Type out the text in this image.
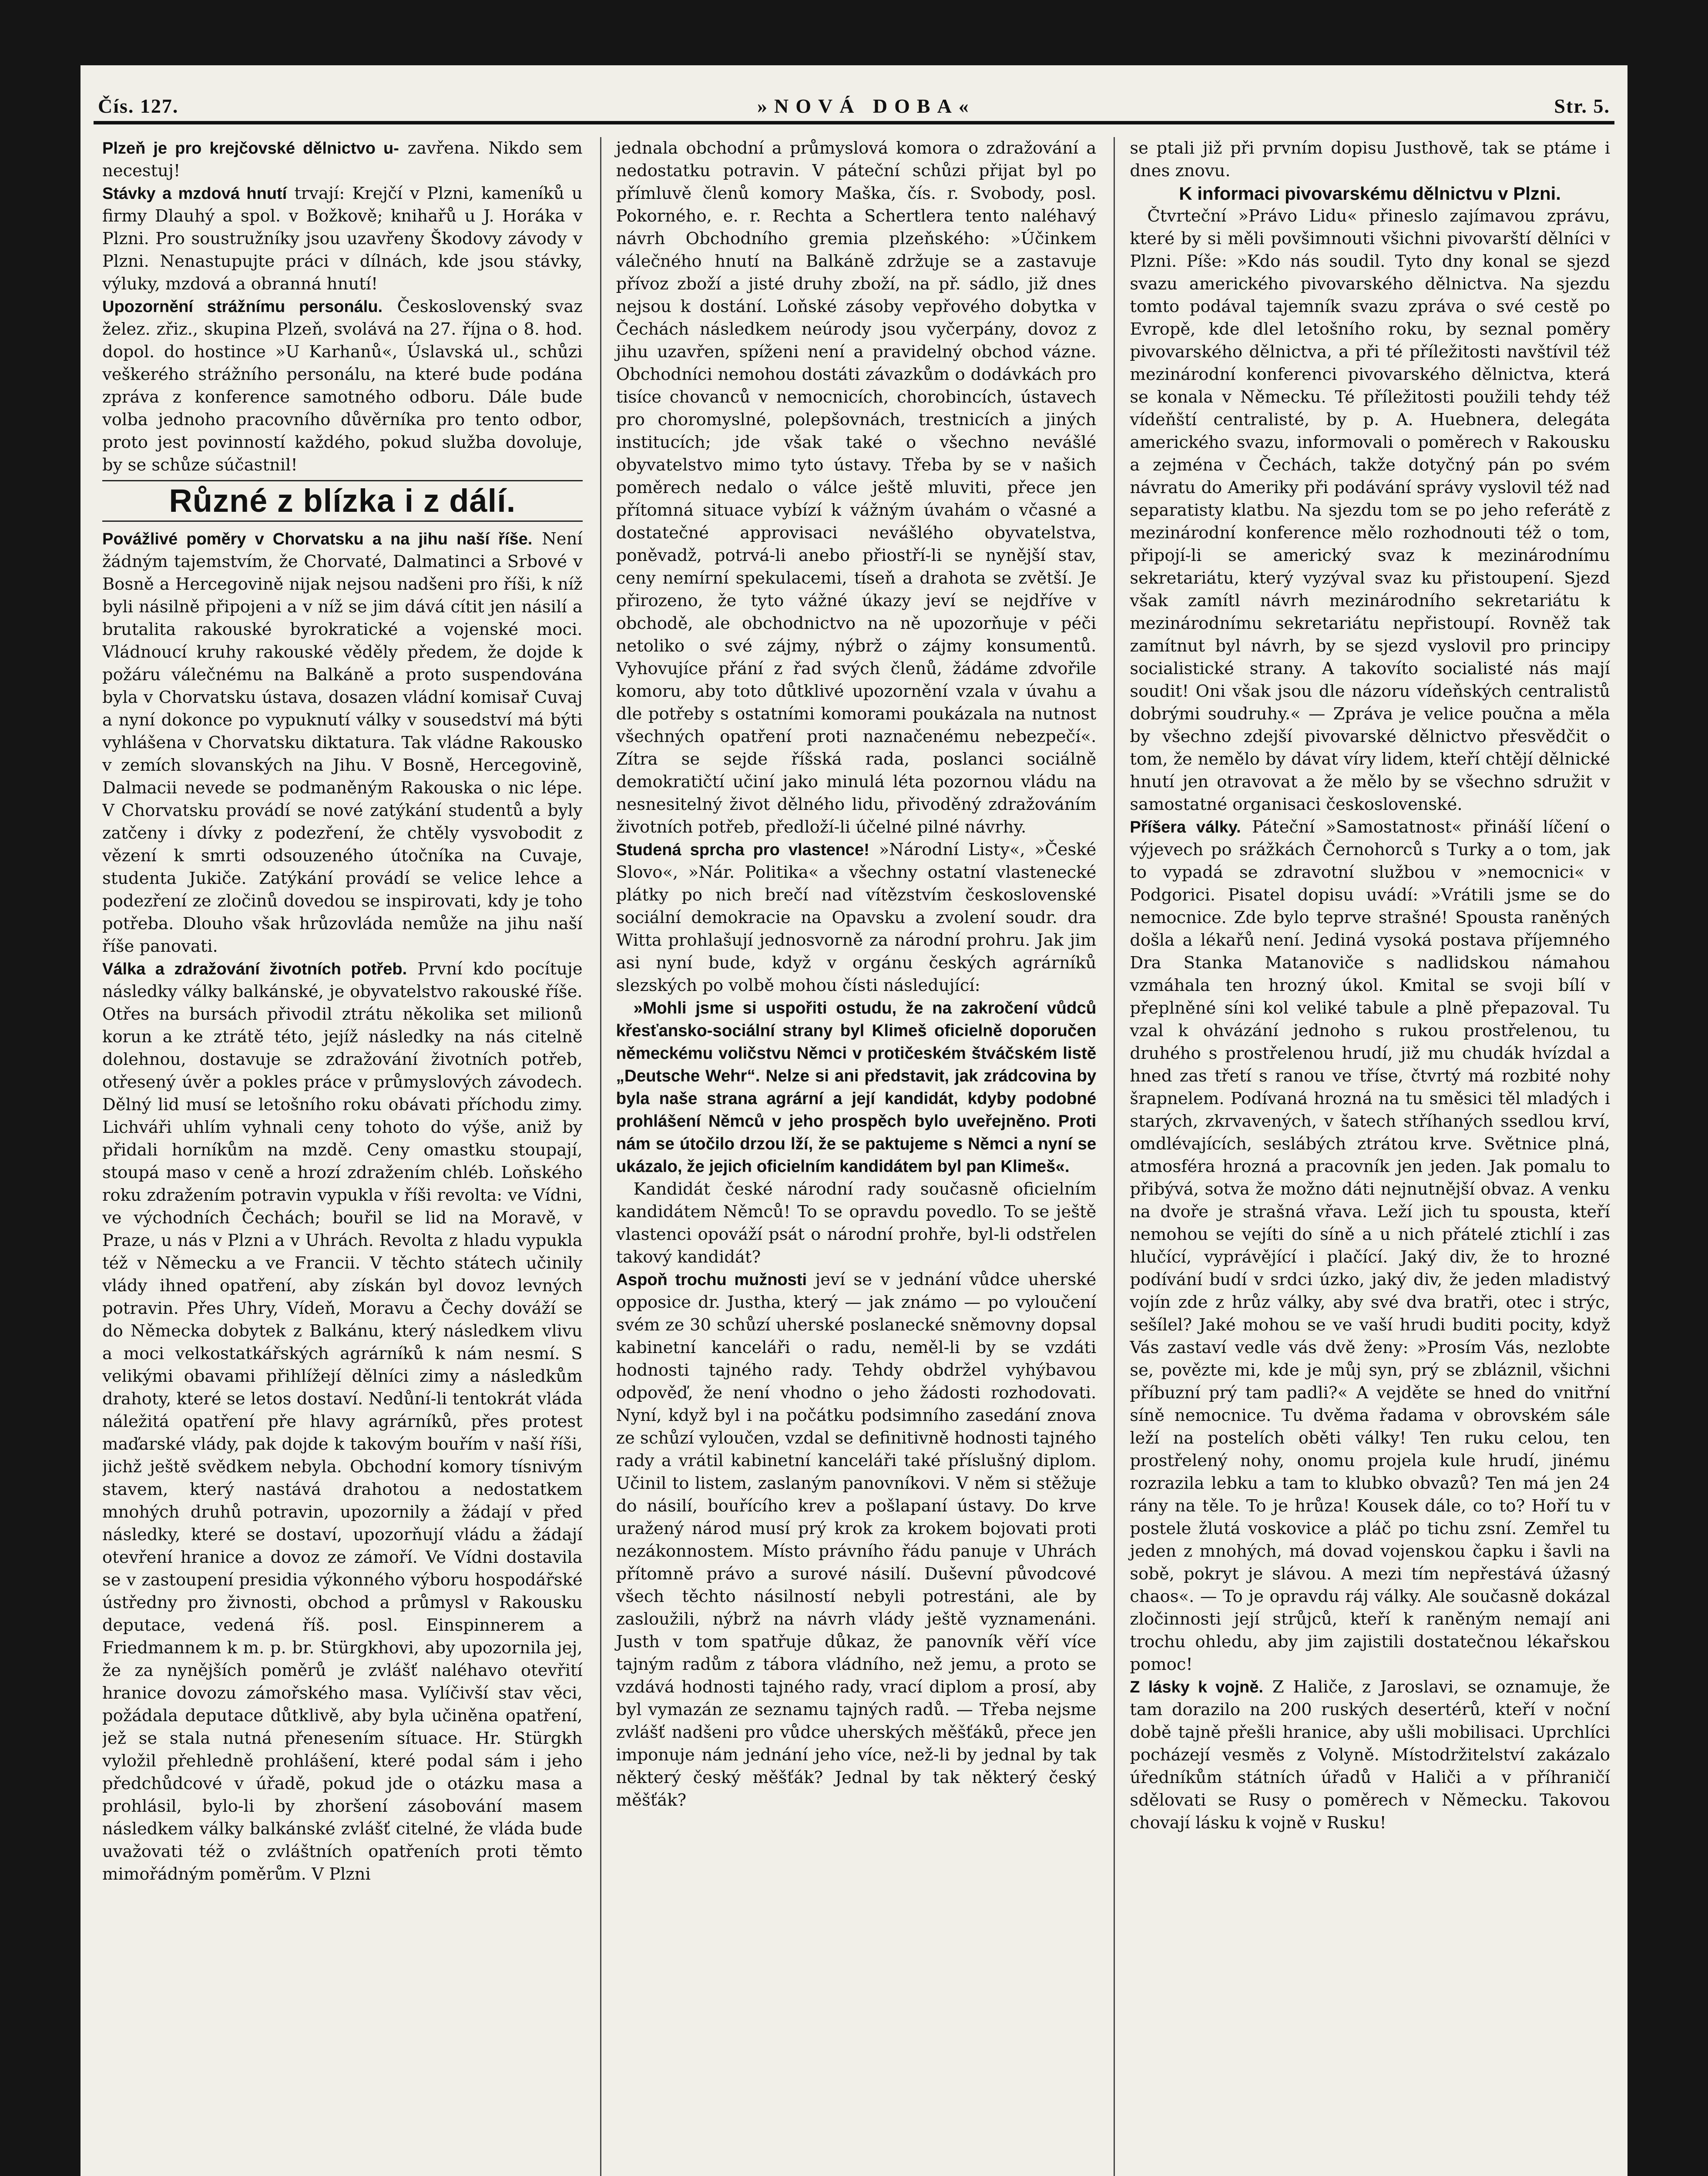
Čís. 127.	»NOVÁ DOBA«	Str. 5.

Plzeň je pro krejčovské dělnictvo u- zavřena. Nikdo sem necestuj!

Stávky a mzdová hnutí trvají: Krejčí v Plzni, kameníků u firmy Dlauhý a spol. v Božkově; knihařů u J. Horáka v Plzni. Pro soustružníky jsou uzavřeny Škodovy závody v Plzni. Nenastupujte práci v dílnách, kde jsou stávky, výluky, mzdová a obranná hnutí!

Upozornění strážnímu personálu. Československý svaz želez. zřiz., skupina Plzeň, svolává na 27. října o 8. hod. dopol. do hostince »U Karhanů«, Úslavská ul., schůzi veškerého strážního personálu, na které bude podána zpráva z konference samotného odboru. Dále bude volba jednoho pracovního důvěrníka pro tento odbor, proto jest povinností každého, pokud služba dovoluje, by se schůze súčastnil!

Různé z blízka i z dálí.

Povážlivé poměry v Chorvatsku a na jihu naší říše. Není žádným tajemstvím, že Chorvaté, Dalmatinci a Srbové v Bosně a Hercegovině nijak nejsou nadšeni pro říši, k níž byli násilně připojeni a v níž se jim dává cítit jen násilí a brutalita rakouské byrokratické a vojenské moci. Vládnoucí kruhy rakouské věděly předem, že dojde k požáru válečnému na Balkáně a proto suspendována byla v Chorvatsku ústava, dosazen vládní komisař Cuvaj a nyní dokonce po vypuknutí války v sousedství má býti vyhlášena v Chorvatsku diktatura. Tak vládne Rakousko v zemích slovanských na Jihu. V Bosně, Hercegovině, Dalmacii nevede se podmaněným Rakouska o nic lépe. V Chorvatsku provádí se nové zatýkání studentů a byly zatčeny i dívky z podezření, že chtěly vysvobodit z vězení k smrti odsouzeného útočníka na Cuvaje, studenta Jukiče. Zatýkání provádí se velice lehce a podezření ze zločinů dovedou se inspirovati, kdy je toho potřeba. Dlouho však hrůzovláda nemůže na jihu naší říše panovati.

Válka a zdražování životních potřeb. První kdo pocítuje následky války balkánské, je obyvatelstvo rakouské říše. Otřes na bursách přivodil ztrátu několika set milionů korun a ke ztrátě této, jejíž následky na nás citelně dolehnou, dostavuje se zdražování životních potřeb, otřesený úvěr a pokles práce v průmyslových závodech. Dělný lid musí se letošního roku obávati příchodu zimy. Lichváři uhlím vyhnali ceny tohoto do výše, aniž by přidali horníkům na mzdě. Ceny omastku stoupají, stoupá maso v ceně a hrozí zdražením chléb. Loňského roku zdražením potravin vypukla v říši revolta: ve Vídni, ve východních Čechách; bouřil se lid na Moravě, v Praze, u nás v Plzni a v Uhrách. Revolta z hladu vypukla též v Německu a ve Francii. V těchto státech učinily vlády ihned opatření, aby získán byl dovoz levných potravin. Přes Uhry, Vídeň, Moravu a Čechy dováží se do Německa dobytek z Balkánu, který následkem vlivu a moci velkostatkářských agrárníků k nám nesmí. S velikými obavami přihlížejí dělníci zimy a následkům drahoty, které se letos dostaví. Nedůní-li tentokrát vláda náležitá opatření pře hlavy agrárníků, přes protest maďarské vlády, pak dojde k takovým bouřím v naší říši, jichž ještě svědkem nebyla. Obchodní komory tísnivým stavem, který nastává drahotou a nedostatkem mnohých druhů potravin, upozornily a žádají v před následky, které se dostaví, upozorňují vládu a žádají otevření hranice a dovoz ze zámoří. Ve Vídni dostavila se v zastoupení presidia výkonného výboru hospodářské ústředny pro živnosti, obchod a průmysl v Rakousku deputace, vedená říš. posl. Einspinnerem a Friedmannem k m. p. br. Stürgkhovi, aby upozornila jej, že za nynějších poměrů je zvlášť naléhavo otevřití hranice dovozu zámořského masa. Vylíčivší stav věci, požádala deputace důtklivě, aby byla učiněna opatření, jež se stala nutná přenesením sítuace. Hr. Stürgkh vyložil přehledně prohlášení, které podal sám i jeho předchůdcové v úřadě, pokud jde o otázku masa a prohlásil, bylo-li by zhoršení zásobování masem následkem války balkánské zvlášť citelné, že vláda bude uvažovati též o zvláštních opatřeních proti těmto mimořádným poměrům. V Plzni

jednala obchodní a průmyslová komora o zdražování a nedostatku potravin. V páteční schůzi přijat byl po přímluvě členů komory Maška, čís. r. Svobody, posl. Pokorného, e. r. Rechta a Schertlera tento naléhavý návrh Obchodního gremia plzeňského: »Účinkem válečného hnutí na Balkáně zdržuje se a zastavuje přívoz zboží a jisté druhy zboží, na př. sádlo, již dnes nejsou k dostání. Loňské zásoby vepřového dobytka v Čechách následkem neúrody jsou vyčerpány, dovoz z jihu uzavřen, spíženi není a pravidelný obchod vázne. Obchodníci nemohou dostáti závazkům o dodávkách pro tisíce chovanců v nemocnicích, chorobincích, ústavech pro choromyslné, polepšovnách, trestnicích a jiných institucích; jde však také o všechno nevášlé obyvatelstvo mimo tyto ústavy. Třeba by se v našich poměrech nedalo o válce ještě mluviti, přece jen přítomná situace vybízí k vážným úvahám o včasné a dostatečné approvisaci nevášlého obyvatelstva, poněvadž, potrvá-li anebo přiostří-li se nynější stav, ceny nemírní spekulacemi, tíseň a drahota se zvětší. Je přirozeno, že tyto vážné úkazy jeví se nejdříve v obchodě, ale obchodnictvo na ně upozorňuje v péči netoliko o své zájmy, nýbrž o zájmy konsumentů. Vyhovujíce přání z řad svých členů, žádáme zdvořile komoru, aby toto důtklivé upozornění vzala v úvahu a dle potřeby s ostatními komorami poukázala na nutnost všechných opatření proti naznačenému nebezpečí«. Zítra se sejde říšská rada, poslanci sociálně demokratičtí učiní jako minulá léta pozornou vládu na nesnesitelný život dělného lidu, přivoděný zdražováním životních potřeb, předloží-li účelné pilné návrhy.

Studená sprcha pro vlastence! »Národní Listy«, »České Slovo«, »Nár. Politika« a všechny ostatní vlastenecké plátky po nich brečí nad vítězstvím československé sociální demokracie na Opavsku a zvolení soudr. dra Witta prohlašují jednosvorně za národní prohru. Jak jim asi nyní bude, když v orgánu českých agrárníků slezských po volbě mohou čísti následující:

»Mohli jsme si uspořiti ostudu, že na zakročení vůdců křesťansko-sociální strany byl Klimeš oficielně doporučen německému voličstvu Němci v protičeském štváčském listě „Deutsche Wehr“. Nelze si ani představit, jak zrádcovina by byla naše strana agrární a její kandidát, kdyby podobné prohlášení Němců v jeho prospěch bylo uveřejněno. Proti nám se útočilo drzou lží, že se paktujeme s Němci a nyní se ukázalo, že jejich oficielním kandidátem byl pan Klimeš«.

Kandidát české národní rady současně oficielním kandidátem Němců! To se opravdu povedlo. To se ještě vlastenci opováží psát o národní prohře, byl-li odstřelen takový kandidát?

Aspoň trochu mužnosti jeví se v jednání vůdce uherské opposice dr. Justha, který — jak známo — po vyloučení svém ze 30 schůzí uherské poslanecké sněmovny dopsal kabinetní kanceláři o radu, neměl-li by se vzdáti hodnosti tajného rady. Tehdy obdržel vyhýbavou odpověď, že není vhodno o jeho žádosti rozhodovati. Nyní, když byl i na počátku podsimního zasedání znova ze schůzí vyloučen, vzdal se definitivně hodnosti tajného rady a vrátil kabinetní kanceláři také příslušný diplom. Učinil to listem, zaslaným panovníkovi. V něm si stěžuje do násilí, bouřícího krev a pošlapaní ústavy. Do krve uražený národ musí prý krok za krokem bojovati proti nezákonnostem. Místo právního řádu panuje v Uhrách přítomně právo a surové násilí. Duševní původcové všech těchto násilností nebyli potrestáni, ale by zasloužili, nýbrž na návrh vlády ještě vyznamenáni. Justh v tom spatřuje důkaz, že panovník věří více tajným radům z tábora vládního, než jemu, a proto se vzdává hodnosti tajného rady, vrací diplom a prosí, aby byl vymazán ze seznamu tajných radů. — Třeba nejsme zvlášť nadšeni pro vůdce uherských měšťáků, přece jen imponuje nám jednání jeho více, než-li by jednal by tak některý český měšťák? Jednal by tak některý český měšťák?

se ptali již při prvním dopisu Justhově, tak se ptáme i dnes znovu.

K informaci pivovarskému dělnictvu v Plzni.

Čtvrteční »Právo Lidu« přineslo zajímavou zprávu, které by si měli povšimnouti všichni pivovarští dělníci v Plzni. Píše: »Kdo nás soudil. Tyto dny konal se sjezd svazu amerického pivovarského dělnictva. Na sjezdu tomto podával tajemník svazu zpráva o své cestě po Evropě, kde dlel letošního roku, by seznal poměry pivovarského dělnictva, a při té příležitosti navštívil též mezinárodní konferenci pivovarského dělnictva, která se konala v Německu. Té příležitosti použili tehdy též vídeňští centralisté, by p. A. Huebnera, delegáta amerického svazu, informovali o poměrech v Rakousku a zejména v Čechách, takže dotyčný pán po svém návratu do Ameriky při podávání správy vyslovil též nad separatisty klatbu. Na sjezdu tom se po jeho referátě z mezinárodní konference mělo rozhodnouti též o tom, připojí-li se americký svaz k mezinárodnímu sekretariátu, který vyzýval svaz ku přistoupení. Sjezd však zamítl návrh mezinárodního sekretariátu k mezinárodnímu sekretariátu nepřistoupí. Rovněž tak zamítnut byl návrh, by se sjezd vyslovil pro principy socialistické strany. A takovíto socialisté nás mají soudit! Oni však jsou dle názoru vídeňských centralistů dobrými soudruhy.« — Zpráva je velice poučna a měla by všechno zdejší pivovarské dělnictvo přesvědčit o tom, že nemělo by dávat víry lidem, kteří chtějí dělnické hnutí jen otravovat a že mělo by se všechno sdružit v samostatné organisaci československé.

Příšera války. Páteční »Samostatnost« přináší líčení o výjevech po srážkách Černohorců s Turky a o tom, jak to vypadá se zdravotní službou v »nemocnici« v Podgorici. Pisatel dopisu uvádí: »Vrátili jsme se do nemocnice. Zde bylo teprve strašné! Spousta raněných došla a lékařů není. Jediná vysoká postava příjemného Dra Stanka Matanoviče s nadlidskou námahou vzmáhala ten hrozný úkol. Kmital se svoji bílí v přeplněné síni kol veliké tabule a plně přepazoval. Tu vzal k ohvázání jednoho s rukou prostřelenou, tu druhého s prostřelenou hrudí, již mu chudák hvízdal a hned zas třetí s ranou ve tříse, čtvrtý má rozbité nohy šrapnelem. Podívaná hrozná na tu směsici těl mladých i starých, zkrvavených, v šatech stříhaných ssedlou krví, omdlévajících, seslábých ztrátou krve. Světnice plná, atmosféra hrozná a pracovník jen jeden. Jak pomalu to přibývá, sotva že možno dáti nejnutnější obvaz. A venku na dvoře je strašná vřava. Leží jich tu spousta, kteří nemohou se vejíti do síně a u nich přátelé ztichlí i zas hlučící, vyprávějící i plačící. Jaký div, že to hrozné podívání budí v srdci úzko, jaký div, že jeden mladistvý vojín zde z hrůz války, aby své dva bratři, otec i strýc, sešílel? Jaké mohou se ve vaší hrudi buditi pocity, když Vás zastaví vedle vás dvě ženy: »Prosím Vás, nezlobte se, povězte mi, kde je můj syn, prý se zbláznil, všichni příbuzní prý tam padli?« A vejděte se hned do vnitřní síně nemocnice. Tu dvěma řadama v obrovském sále leží na postelích oběti války! Ten ruku celou, ten prostřelený nohy, onomu projela kule hrudí, jinému rozrazila lebku a tam to klubko obvazů? Ten má jen 24 rány na těle. To je hrůza! Kousek dále, co to? Hoří tu v postele žlutá voskovice a pláč po tichu zsní. Zemřel tu jeden z mnohých, má dovad vojenskou čapku i šavli na sobě, pokryt je slávou. A mezi tím nepřestává úžasný chaos«. — To je opravdu ráj války. Ale současně dokázal zločinnosti její strůjců, kteří k raněným nemají ani trochu ohledu, aby jim zajistili dostatečnou lékařskou pomoc!

Z lásky k vojně. Z Haliče, z Jaroslavi, se oznamuje, že tam dorazilo na 200 ruských desertérů, kteří v noční době tajně přešli hranice, aby ušli mobilisaci. Uprchlíci pocházejí vesměs z Volyně. Místodržitelství zakázalo úředníkům státních úřadů v Haliči a v příhraničí sdělovati se Rusy o poměrech v Německu. Takovou chovají lásku k vojně v Rusku!
